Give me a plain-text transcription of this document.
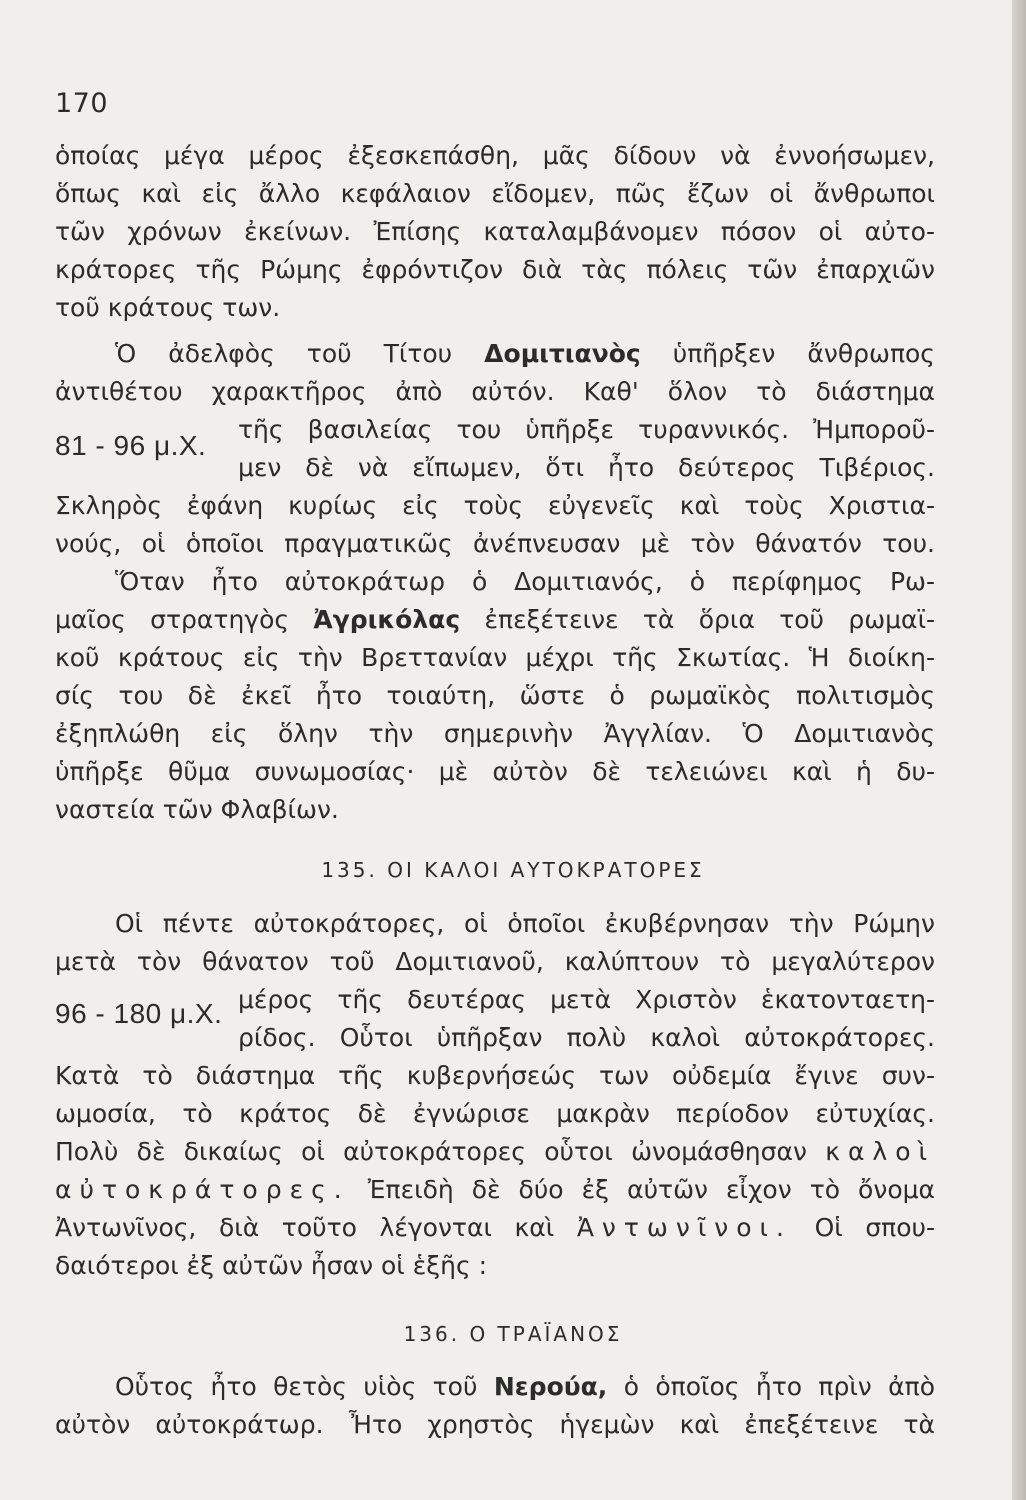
170
ὁποίας μέγα μέρος ἐξεσκεπάσθη, μᾶς δίδουν νὰ ἐννοήσωμεν,
ὅπως καὶ εἰς ἄλλο κεφάλαιον εἴδομεν, πῶς ἔζων οἱ ἄνθρωποι
τῶν χρόνων ἐκείνων. Ἐπίσης καταλαμβάνομεν πόσον οἱ αὐτο-
κράτορες τῆς Ρώμης ἐφρόντιζον διὰ τὰς πόλεις τῶν ἐπαρχιῶν
τοῦ κράτους των.
Ὁ ἀδελφὸς τοῦ Τίτου Δομιτιανὸς ὑπῆρξεν ἄνθρωπος
ἀντιθέτου χαρακτῆρος ἀπὸ αὐτόν. Καθ' ὅλον τὸ διάστημα
81 - 96 μ.Χ.
τῆς βασιλείας του ὑπῆρξε τυραννικός. Ἠμποροῦ-
μεν δὲ νὰ εἴπωμεν, ὅτι ἦτο δεύτερος Τιβέριος.
Σκληρὸς ἐφάνη κυρίως εἰς τοὺς εὐγενεῖς καὶ τοὺς Χριστια-
νούς, οἱ ὁποῖοι πραγματικῶς ἀνέπνευσαν μὲ τὸν θάνατόν του.
Ὅταν ἦτο αὐτοκράτωρ ὁ Δομιτιανός, ὁ περίφημος Ρω-
μαῖος στρατηγὸς Ἀγρικόλας ἐπεξέτεινε τὰ ὅρια τοῦ ρωμαϊ-
κοῦ κράτους εἰς τὴν Βρεττανίαν μέχρι τῆς Σκωτίας. Ἡ διοίκη-
σίς του δὲ ἐκεῖ ἦτο τοιαύτη, ὥστε ὁ ρωμαϊκὸς πολιτισμὸς
ἐξηπλώθη εἰς ὅλην τὴν σημερινὴν Ἀγγλίαν. Ὁ Δομιτιανὸς
ὑπῆρξε θῦμα συνωμοσίας· μὲ αὐτὸν δὲ τελειώνει καὶ ἡ δυ-
ναστεία τῶν Φλαβίων.
135. ΟΙ ΚΑΛΟΙ ΑΥΤΟΚΡΑΤΟΡΕΣ
Οἱ πέντε αὐτοκράτορες, οἱ ὁποῖοι ἐκυβέρνησαν τὴν Ρώμην
μετὰ τὸν θάνατον τοῦ Δομιτιανοῦ, καλύπτουν τὸ μεγαλύτερον
96 - 180 μ.Χ. μέρος τῆς δευτέρας μετὰ Χριστὸν ἑκατονταετη-
ρίδος. Οὗτοι ὑπῆρξαν πολὺ καλοὶ αὐτοκράτορες.
Κατὰ τὸ διάστημα τῆς κυβερνήσεώς των οὐδεμία ἔγινε συν-
ωμοσία, τὸ κράτος δὲ ἐγνώρισε μακρὰν περίοδον εὐτυχίας.
Πολὺ δὲ δικαίως οἱ αὐτοκράτορες οὗτοι ὠνομάσθησαν καλοὶ
αὐτοκράτορες. Ἐπειδὴ δὲ δύο ἐξ αὐτῶν εἶχον τὸ ὄνομα
Ἀντωνῖνος, διὰ τοῦτο λέγονται καὶ Ἀντωνῖνοι. Οἱ σπου-
δαιότεροι ἐξ αὐτῶν ἦσαν οἱ ἑξῆς :
136. Ο ΤΡΑΪΑΝΟΣ
Οὗτος ἦτο θετὸς υἱὸς τοῦ Νερούα, ὁ ὁποῖος ἦτο πρὶν ἀπὸ
αὐτὸν αὐτοκράτωρ. Ἦτο χρηστὸς ἡγεμὼν καὶ ἐπεξέτεινε τὰ
